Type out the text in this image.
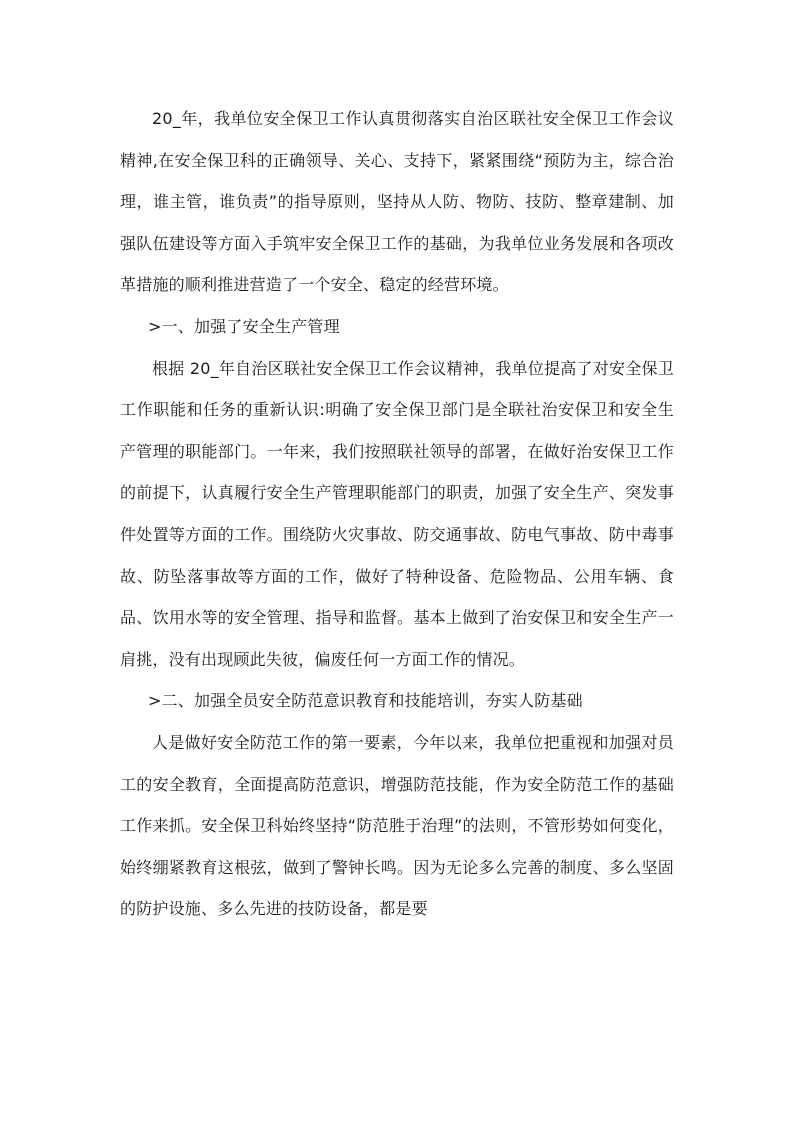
20_年，我单位安全保卫工作认真贯彻落实自治区联社安全保卫工作会议精神,在安全保卫科的正确领导、关心、支持下，紧紧围绕“预防为主，综合治理，谁主管，谁负责”的指导原则，坚持从人防、物防、技防、整章建制、加强队伍建设等方面入手筑牢安全保卫工作的基础，为我单位业务发展和各项改革措施的顺利推进营造了一个安全、稳定的经营环境。

>一、加强了安全生产管理

根据 20_年自治区联社安全保卫工作会议精神，我单位提高了对安全保卫工作职能和任务的重新认识:明确了安全保卫部门是全联社治安保卫和安全生产管理的职能部门。一年来，我们按照联社领导的部署，在做好治安保卫工作的前提下，认真履行安全生产管理职能部门的职责，加强了安全生产、突发事件处置等方面的工作。围绕防火灾事故、防交通事故、防电气事故、防中毒事故、防坠落事故等方面的工作，做好了特种设备、危险物品、公用车辆、食品、饮用水等的安全管理、指导和监督。基本上做到了治安保卫和安全生产一肩挑，没有出现顾此失彼，偏废任何一方面工作的情况。

>二、加强全员安全防范意识教育和技能培训，夯实人防基础

人是做好安全防范工作的第一要素，今年以来，我单位把重视和加强对员工的安全教育，全面提高防范意识，增强防范技能，作为安全防范工作的基础工作来抓。安全保卫科始终坚持“防范胜于治理”的法则，不管形势如何变化，始终绷紧教育这根弦，做到了警钟长鸣。因为无论多么完善的制度、多么坚固的防护设施、多么先进的技防设备，都是要
